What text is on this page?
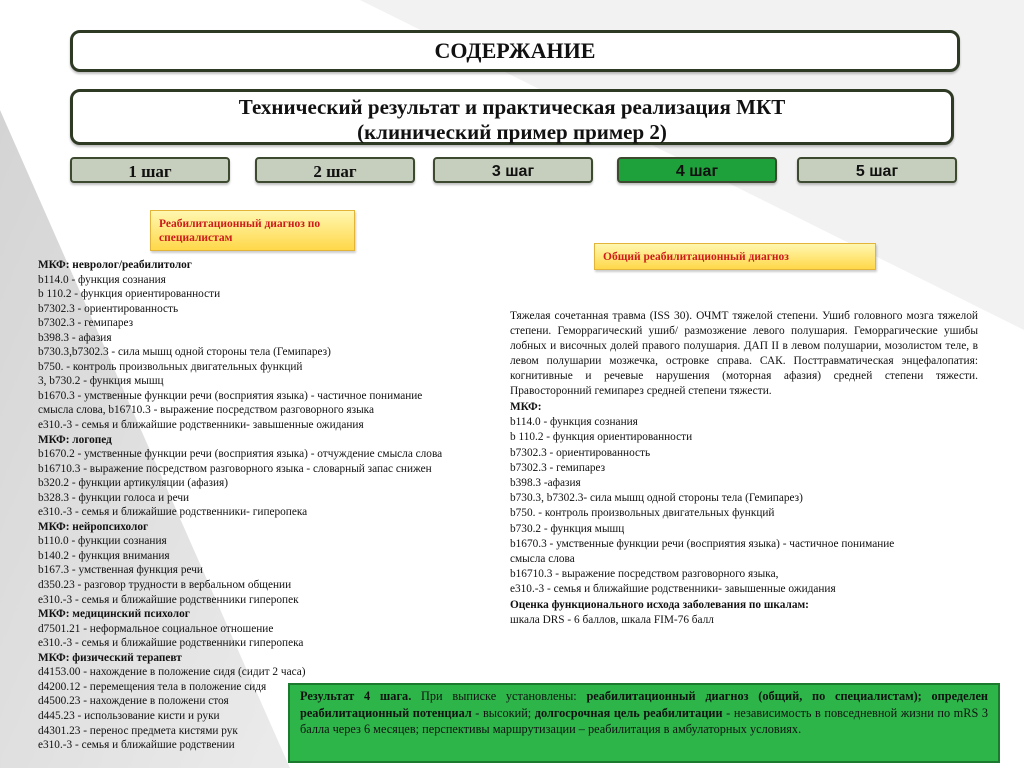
СОДЕРЖАНИЕ
Технический результат и практическая реализация МКТ
(клинический пример пример 2)
1 шаг	2 шаг	3 шаг	4 шаг	5 шаг
Реабилитационный диагноз по специалистам
Общий реабилитационный диагноз
МКФ: невролог/реабилитолог
b114.0 - функция сознания
b 110.2 - функция ориентированности
b7302.3 - ориентированность
b7302.3 - гемипарез
b398.3 - афазия
b730.3,b7302.3 - сила мышц одной стороны тела (Гемипарез)
b750. - контроль произвольных двигательных функций
3, b730.2 - функция мышц
b1670.3 - умственные функции речи (восприятия языка) - частичное понимание
смысла слова, b16710.3 - выражение посредством разговорного языка
e310.-3 - семья и ближайшие родственники- завышенные ожидания
МКФ: логопед
b1670.2 - умственные функции речи (восприятия языка) - отчуждение смысла слова
b16710.3 - выражение посредством разговорного языка - словарный запас снижен
b320.2 - функции артикуляции (афазия)
b328.3 - функции голоса и речи
e310.-3 - семья и ближайшие родственники- гиперопека
МКФ: нейропсихолог
b110.0 - функции сознания
b140.2 - функция внимания
b167.3 - умственная функция речи
d350.23 - разговор трудности в вербальном общении
e310.-3 - семья и ближайшие родственники гиперопек
МКФ: медицинский психолог
d7501.21 - неформальное социальное отношение
e310.-3 - семья и ближайшие родственники гиперопека
МКФ: физический терапевт
d4153.00 - нахождение в положение сидя (сидит 2 часа)
d4200.12 - перемещения тела в положение сидя
d4500.23 - нахождение в положени стоя
d445.23 - использование кисти и руки
d4301.23 - перенос предмета кистями рук
e310.-3 - семья и ближайшие родствении
Тяжелая сочетанная травма (ISS 30). ОЧМТ тяжелой степени. Ушиб головного мозга тяжелой степени. Геморрагический ушиб/ размозжение левого полушария. Геморрагические ушибы лобных и височных долей правого полушария. ДАП II в левом полушарии, мозолистом теле, в левом полушарии мозжечка, островке справа. САК. Посттравматическая энцефалопатия: когнитивные и речевые нарушения (моторная афазия) средней степени тяжести. Правосторонний гемипарез средней степени тяжести.
МКФ:
b114.0 - функция сознания
b 110.2 - функция ориентированности
b7302.3 - ориентированность
b7302.3 - гемипарез
b398.3 -афазия
b730.3, b7302.3- сила мышц одной стороны тела (Гемипарез)
b750. - контроль произвольных двигательных функций
b730.2 - функция мышц
b1670.3 - умственные функции речи (восприятия языка) - частичное понимание
смысла слова
b16710.3 - выражение посредством разговорного языка,
e310.-3 - семья и ближайшие родственники- завышенные ожидания
Оценка функционального исхода заболевания по шкалам:
шкала DRS - 6 баллов, шкала FIM-76 балл
Результат 4 шага. При выписке установлены: реабилитационный диагноз (общий, по специалистам); определен реабилитационный потенциал - высокий; долгосрочная цель реабилитации - независимость в повседневной жизни по mRS 3 балла через 6 месяцев; перспективы маршрутизации – реабилитация в амбулаторных условиях.
